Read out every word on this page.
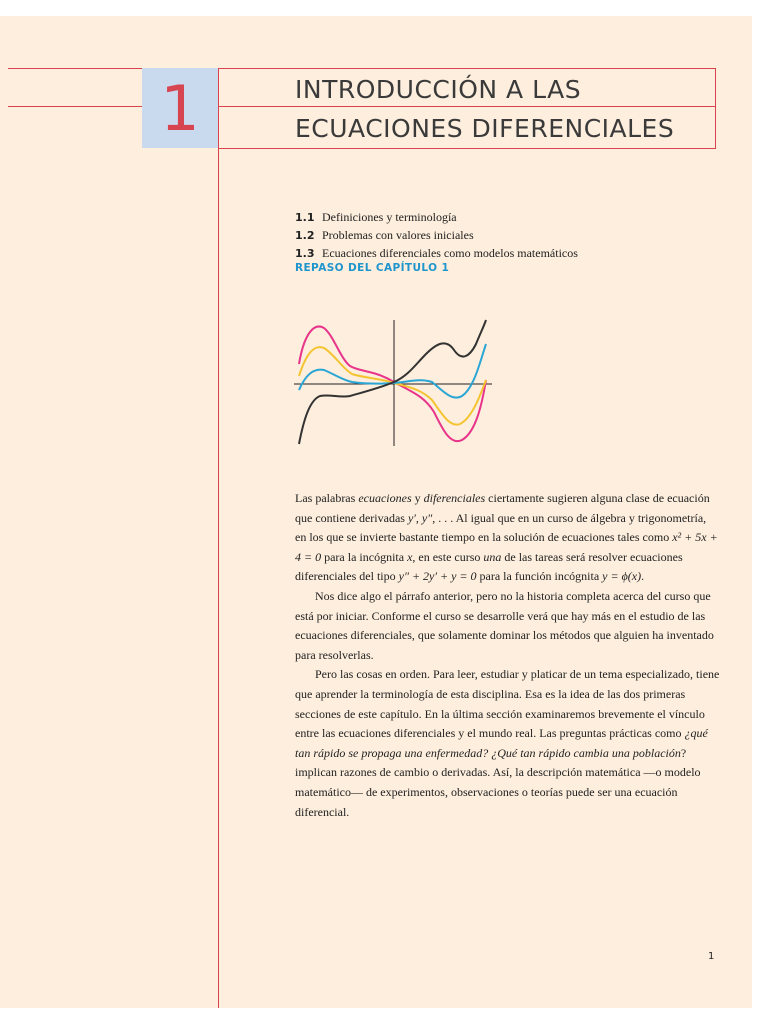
1	INTRODUCCIÓN A LAS
ECUACIONES DIFERENCIALES
1.1 Definiciones y terminología
1.2 Problemas con valores iniciales
1.3 Ecuaciones diferenciales como modelos matemáticos
REPASO DEL CAPÍTULO 1

Las palabras ecuaciones y diferenciales ciertamente sugieren alguna clase de ecuación que contiene derivadas y′, y″, . . . Al igual que en un curso de álgebra y trigonometría, en los que se invierte bastante tiempo en la solución de ecuaciones tales como x² + 5x + 4 = 0 para la incógnita x, en este curso una de las tareas será resolver ecuaciones diferenciales del tipo y″ + 2y′ + y = 0 para la función incógnita y = ϕ(x).

Nos dice algo el párrafo anterior, pero no la historia completa acerca del curso que está por iniciar. Conforme el curso se desarrolle verá que hay más en el estudio de las ecuaciones diferenciales, que solamente dominar los métodos que alguien ha inventado para resolverlas.

Pero las cosas en orden. Para leer, estudiar y platicar de un tema especializado, tiene que aprender la terminología de esta disciplina. Esa es la idea de las dos primeras secciones de este capítulo. En la última sección examinaremos brevemente el vínculo entre las ecuaciones diferenciales y el mundo real. Las preguntas prácticas como ¿qué tan rápido se propaga una enfermedad? ¿Qué tan rápido cambia una población? implican razones de cambio o derivadas. Así, la descripción matemática —o modelo matemático— de experimentos, observaciones o teorías puede ser una ecuación diferencial.

1
